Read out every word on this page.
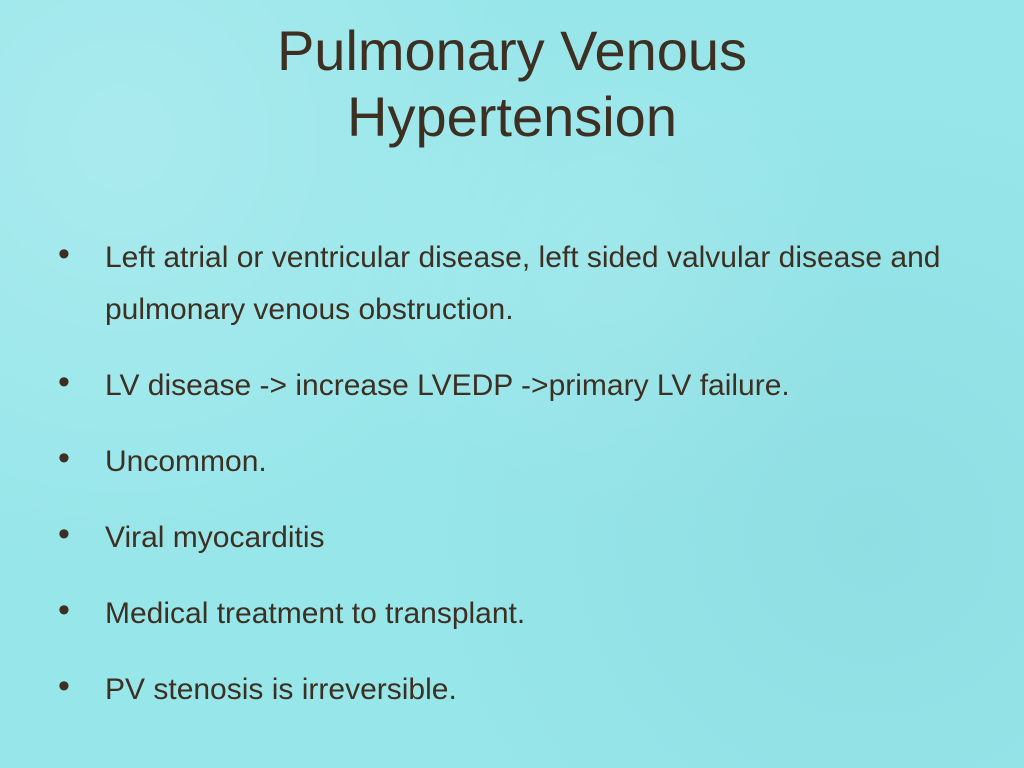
Pulmonary Venous
Hypertension
•	Left atrial or ventricular disease, left sided valvular disease and pulmonary venous obstruction.
•	LV disease -> increase LVEDP ->primary LV failure.
•	Uncommon.
•	Viral myocarditis
•	Medical treatment to transplant.
•	PV stenosis is irreversible.
